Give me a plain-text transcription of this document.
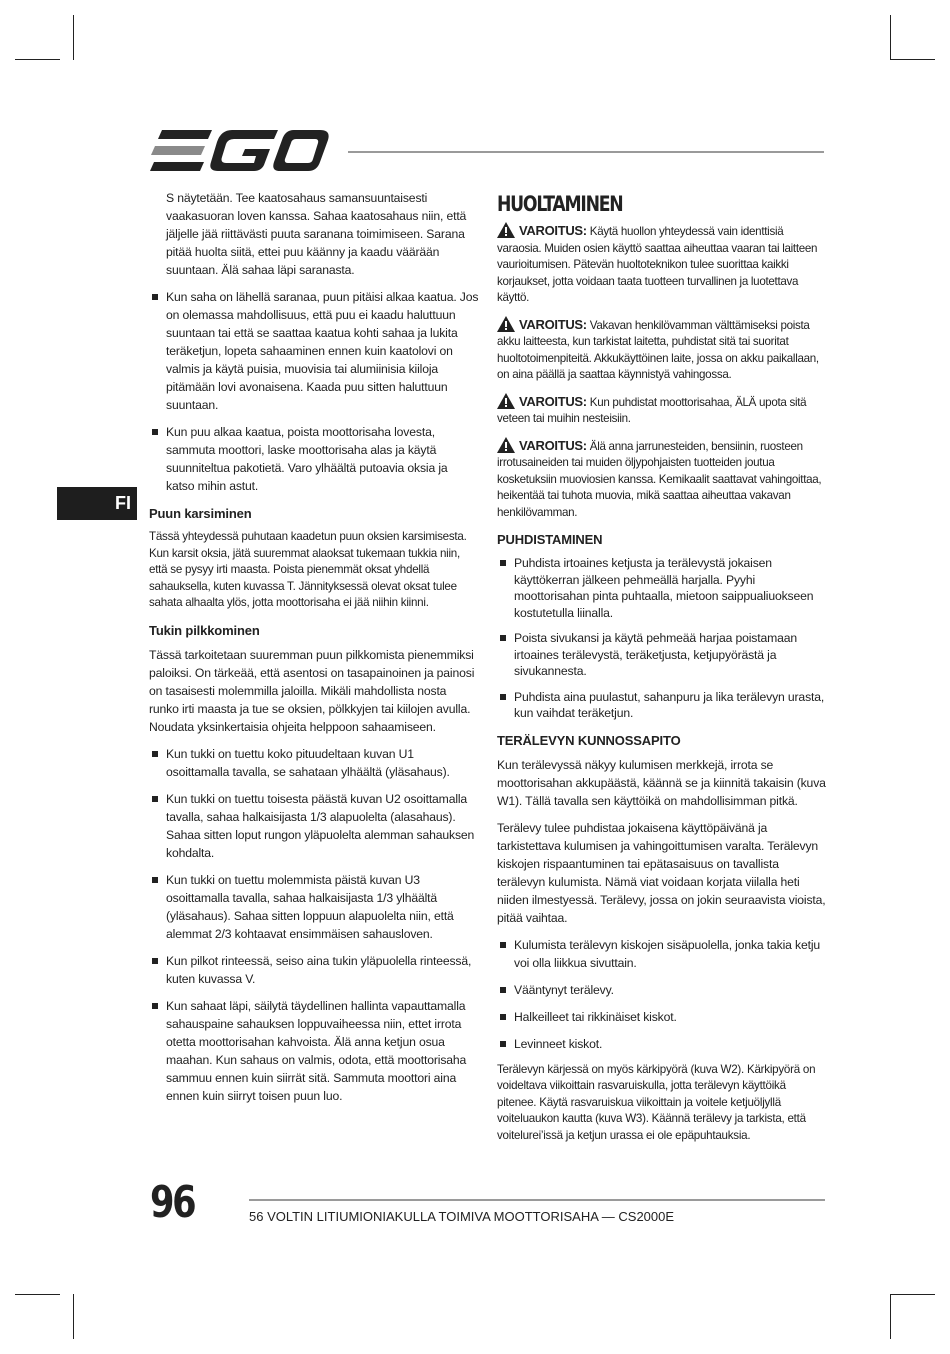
FI

S näytetään. Tee kaatosahaus samansuuntaisesti vaakasuoran loven kanssa. Sahaa kaatosahaus niin, että jäljelle jää riittävästi puuta saranana toimimiseen. Sarana pitää huolta siitä, ettei puu käänny ja kaadu väärään suuntaan. Älä sahaa läpi saranasta.

Kun saha on lähellä saranaa, puun pitäisi alkaa kaatua. Jos on olemassa mahdollisuus, että puu ei kaadu haluttuun suuntaan tai että se saattaa kaatua kohti sahaa ja lukita teräketjun, lopeta sahaaminen ennen kuin kaatolovi on valmis ja käytä puisia, muovisia tai alumiinisia kiiloja pitämään lovi avonaisena. Kaada puu sitten haluttuun suuntaan.
Kun puu alkaa kaatua, poista moottorisaha lovesta, sammuta moottori, laske moottorisaha alas ja käytä suunniteltua pakotietä. Varo ylhäältä putoavia oksia ja katso mihin astut.
Puun karsiminen

Tässä yhteydessä puhutaan kaadetun puun oksien karsimisesta. Kun karsit oksia, jätä suuremmat alaoksat tukemaan tukkia niin, että se pysyy irti maasta. Poista pienemmät oksat yhdellä sahauksella, kuten kuvassa T. Jännityksessä olevat oksat tulee sahata alhaalta ylös, jotta moottorisaha ei jää niihin kiinni.

Tukin pilkkominen

Tässä tarkoitetaan suuremman puun pilkkomista pienemmiksi paloiksi. On tärkeää, että asentosi on tasapainoinen ja painosi on tasaisesti molemmilla jaloilla. Mikäli mahdollista nosta runko irti maasta ja tue se oksien, pölkkyjen tai kiilojen avulla. Noudata yksinkertaisia ohjeita helppoon sahaamiseen.

Kun tukki on tuettu koko pituudeltaan kuvan U1 osoittamalla tavalla, se sahataan ylhäältä (yläsahaus).
Kun tukki on tuettu toisesta päästä kuvan U2 osoittamalla tavalla, sahaa halkaisijasta 1/3 alapuolelta (alasahaus). Sahaa sitten loput rungon yläpuolelta alemman sahauksen kohdalta.
Kun tukki on tuettu molemmista päistä kuvan U3 osoittamalla tavalla, sahaa halkaisijasta 1/3 ylhäältä (yläsahaus). Sahaa sitten loppuun alapuolelta niin, että alemmat 2/3 kohtaavat ensimmäisen sahausloven.
Kun pilkot rinteessä, seiso aina tukin yläpuolella rinteessä, kuten kuvassa V.
Kun sahaat läpi, säilytä täydellinen hallinta vapauttamalla sahauspaine sahauksen loppuvaiheessa niin, ettet irrota otetta moottorisahan kahvoista. Älä anna ketjun osua maahan. Kun sahaus on valmis, odota, että moottorisaha sammuu ennen kuin siirrät sitä. Sammuta moottori aina ennen kuin siirryt toisen puun luo.
HUOLTAMINEN

VAROITUS: Käytä huollon yhteydessä vain identtisiä varaosia. Muiden osien käyttö saattaa aiheuttaa vaaran tai laitteen vaurioitumisen. Pätevän huoltoteknikon tulee suorittaa kaikki korjaukset, jotta voidaan taata tuotteen turvallinen ja luotettava käyttö.

VAROITUS: Vakavan henkilövamman välttämiseksi poista akku laitteesta, kun tarkistat laitetta, puhdistat sitä tai suoritat huoltotoimenpiteitä. Akkukäyttöinen laite, jossa on akku paikallaan, on aina päällä ja saattaa käynnistyä vahingossa.

VAROITUS: Kun puhdistat moottorisahaa, ÄLÄ upota sitä veteen tai muihin nesteisiin.

VAROITUS: Älä anna jarrunesteiden, bensiinin, ruosteen irrotusaineiden tai muiden öljypohjaisten tuotteiden joutua kosketuksiin muoviosien kanssa. Kemikaalit saattavat vahingoittaa, heikentää tai tuhota muovia, mikä saattaa aiheuttaa vakavan henkilövamman.

PUHDISTAMINEN
Puhdista irtoaines ketjusta ja terälevystä jokaisen käyttökerran jälkeen pehmeällä harjalla. Pyyhi moottorisahan pinta puhtaalla, mietoon saippualiuokseen kostutetulla liinalla.
Poista sivukansi ja käytä pehmeää harjaa poistamaan irtoaines terälevystä, teräketjusta, ketjupyörästä ja sivukannesta.
Puhdista aina puulastut, sahanpuru ja lika terälevyn urasta, kun vaihdat teräketjun.
TERÄLEVYN KUNNOSSAPITO

Kun terälevyssä näkyy kulumisen merkkejä, irrota se moottorisahan akkupäästä, käännä se ja kiinnitä takaisin (kuva W1). Tällä tavalla sen käyttöikä on mahdollisimman pitkä.

Terälevy tulee puhdistaa jokaisena käyttöpäivänä ja tarkistettava kulumisen ja vahingoittumisen varalta. Terälevyn kiskojen rispaantuminen tai epätasaisuus on tavallista terälevyn kulumista. Nämä viat voidaan korjata viilalla heti niiden ilmestyessä. Terälevy, jossa on jokin seuraavista vioista, pitää vaihtaa.

Kulumista terälevyn kiskojen sisäpuolella, jonka takia ketju voi olla liikkua sivuttain.
Vääntynyt terälevy.
Halkeilleet tai rikkinäiset kiskot.
Levinneet kiskot.

Terälevyn kärjessä on myös kärkipyörä (kuva W2). Kärkipyörä on voideltava viikoittain rasvaruiskulla, jotta terälevyn käyttöikä pitenee. Käytä rasvaruiskua viikoittain ja voitele ketjuöljyllä voiteluaukon kautta (kuva W3). Käännä terälevy ja tarkista, että voitelurei’issä ja ketjun urassa ei ole epäpuhtauksia.

96	56 VOLTIN LITIUMIONIAKULLA TOIMIVA MOOTTORISAHA — CS2000E
